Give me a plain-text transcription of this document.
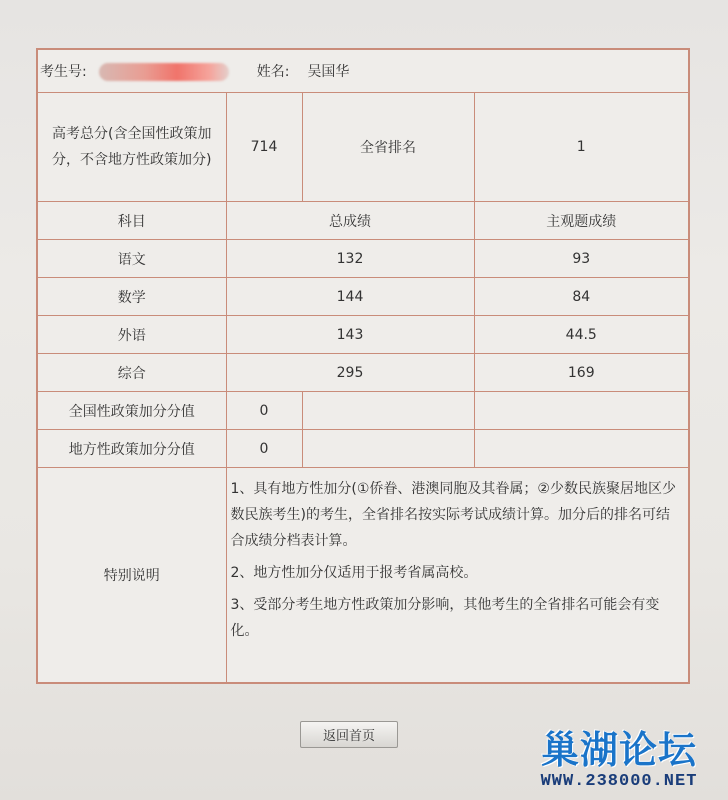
考生号: 姓名: 吴国华			
高考总分(含全国性政策加分，不含地方性政策加分)	714	全省排名	1
科目	总成绩		主观题成绩
语文	132		93
数学	144		84
外语	143		44.5
综合	295		169
全国性政策加分分值	0		
地方性政策加分分值	0		
特别说明	1、具有地方性加分(①侨眷、港澳同胞及其眷属；②少数民族聚居地区少数民族考生)的考生，全省排名按实际考试成绩计算。加分后的排名可结合成绩分档表计算。

2、地方性加分仅适用于报考省属高校。

3、受部分考生地方性政策加分影响，其他考生的全省排名可能会有变化。		

返回首页	巢湖论坛
WWW.238000.NET
